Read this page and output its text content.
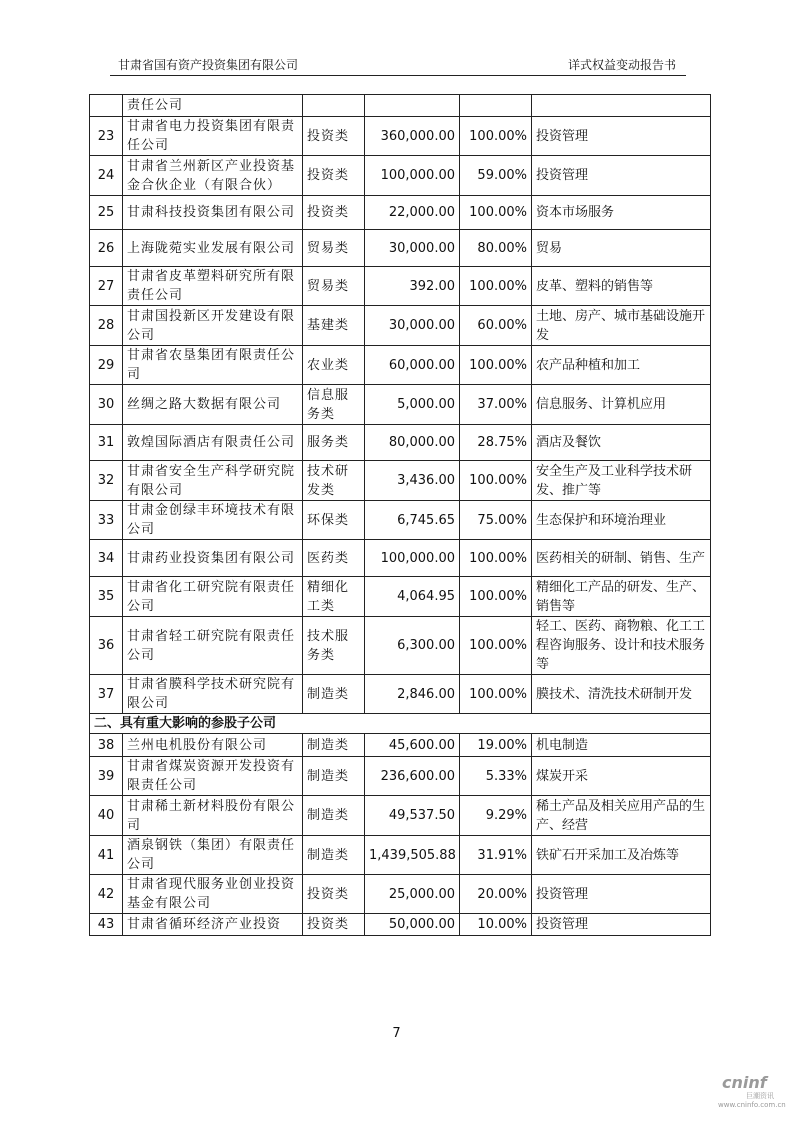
甘肃省国有资产投资集团有限公司	详式权益变动报告书
	责任公司				
23	甘肃省电力投资集团有限责任公司	投资类	360,000.00	100.00%	投资管理
24	甘肃省兰州新区产业投资基金合伙企业（有限合伙）	投资类	100,000.00	59.00%	投资管理
25	甘肃科技投资集团有限公司	投资类	22,000.00	100.00%	资本市场服务
26	上海陇菀实业发展有限公司	贸易类	30,000.00	80.00%	贸易
27	甘肃省皮革塑料研究所有限责任公司	贸易类	392.00	100.00%	皮革、塑料的销售等
28	甘肃国投新区开发建设有限公司	基建类	30,000.00	60.00%	土地、房产、城市基础设施开发
29	甘肃省农垦集团有限责任公司	农业类	60,000.00	100.00%	农产品种植和加工
30	丝绸之路大数据有限公司	信息服务类	5,000.00	37.00%	信息服务、计算机应用
31	敦煌国际酒店有限责任公司	服务类	80,000.00	28.75%	酒店及餐饮
32	甘肃省安全生产科学研究院有限公司	技术研发类	3,436.00	100.00%	安全生产及工业科学技术研发、推广等
33	甘肃金创绿丰环境技术有限公司	环保类	6,745.65	75.00%	生态保护和环境治理业
34	甘肃药业投资集团有限公司	医药类	100,000.00	100.00%	医药相关的研制、销售、生产
35	甘肃省化工研究院有限责任公司	精细化工类	4,064.95	100.00%	精细化工产品的研发、生产、销售等
36	甘肃省轻工研究院有限责任公司	技术服务类	6,300.00	100.00%	轻工、医药、商物粮、化工工程咨询服务、设计和技术服务等
37	甘肃省膜科学技术研究院有限公司	制造类	2,846.00	100.00%	膜技术、清洗技术研制开发
二、具有重大影响的参股子公司					
38	兰州电机股份有限公司	制造类	45,600.00	19.00%	机电制造
39	甘肃省煤炭资源开发投资有限责任公司	制造类	236,600.00	5.33%	煤炭开采
40	甘肃稀土新材料股份有限公司	制造类	49,537.50	9.29%	稀土产品及相关应用产品的生产、经营
41	酒泉钢铁（集团）有限责任公司	制造类	1,439,505.88	31.91%	铁矿石开采加工及冶炼等
42	甘肃省现代服务业创业投资基金有限公司	投资类	25,000.00	20.00%	投资管理
43	甘肃省循环经济产业投资	投资类	50,000.00	10.00%	投资管理
7
cninf
巨潮资讯
www.cninfo.com.cn
